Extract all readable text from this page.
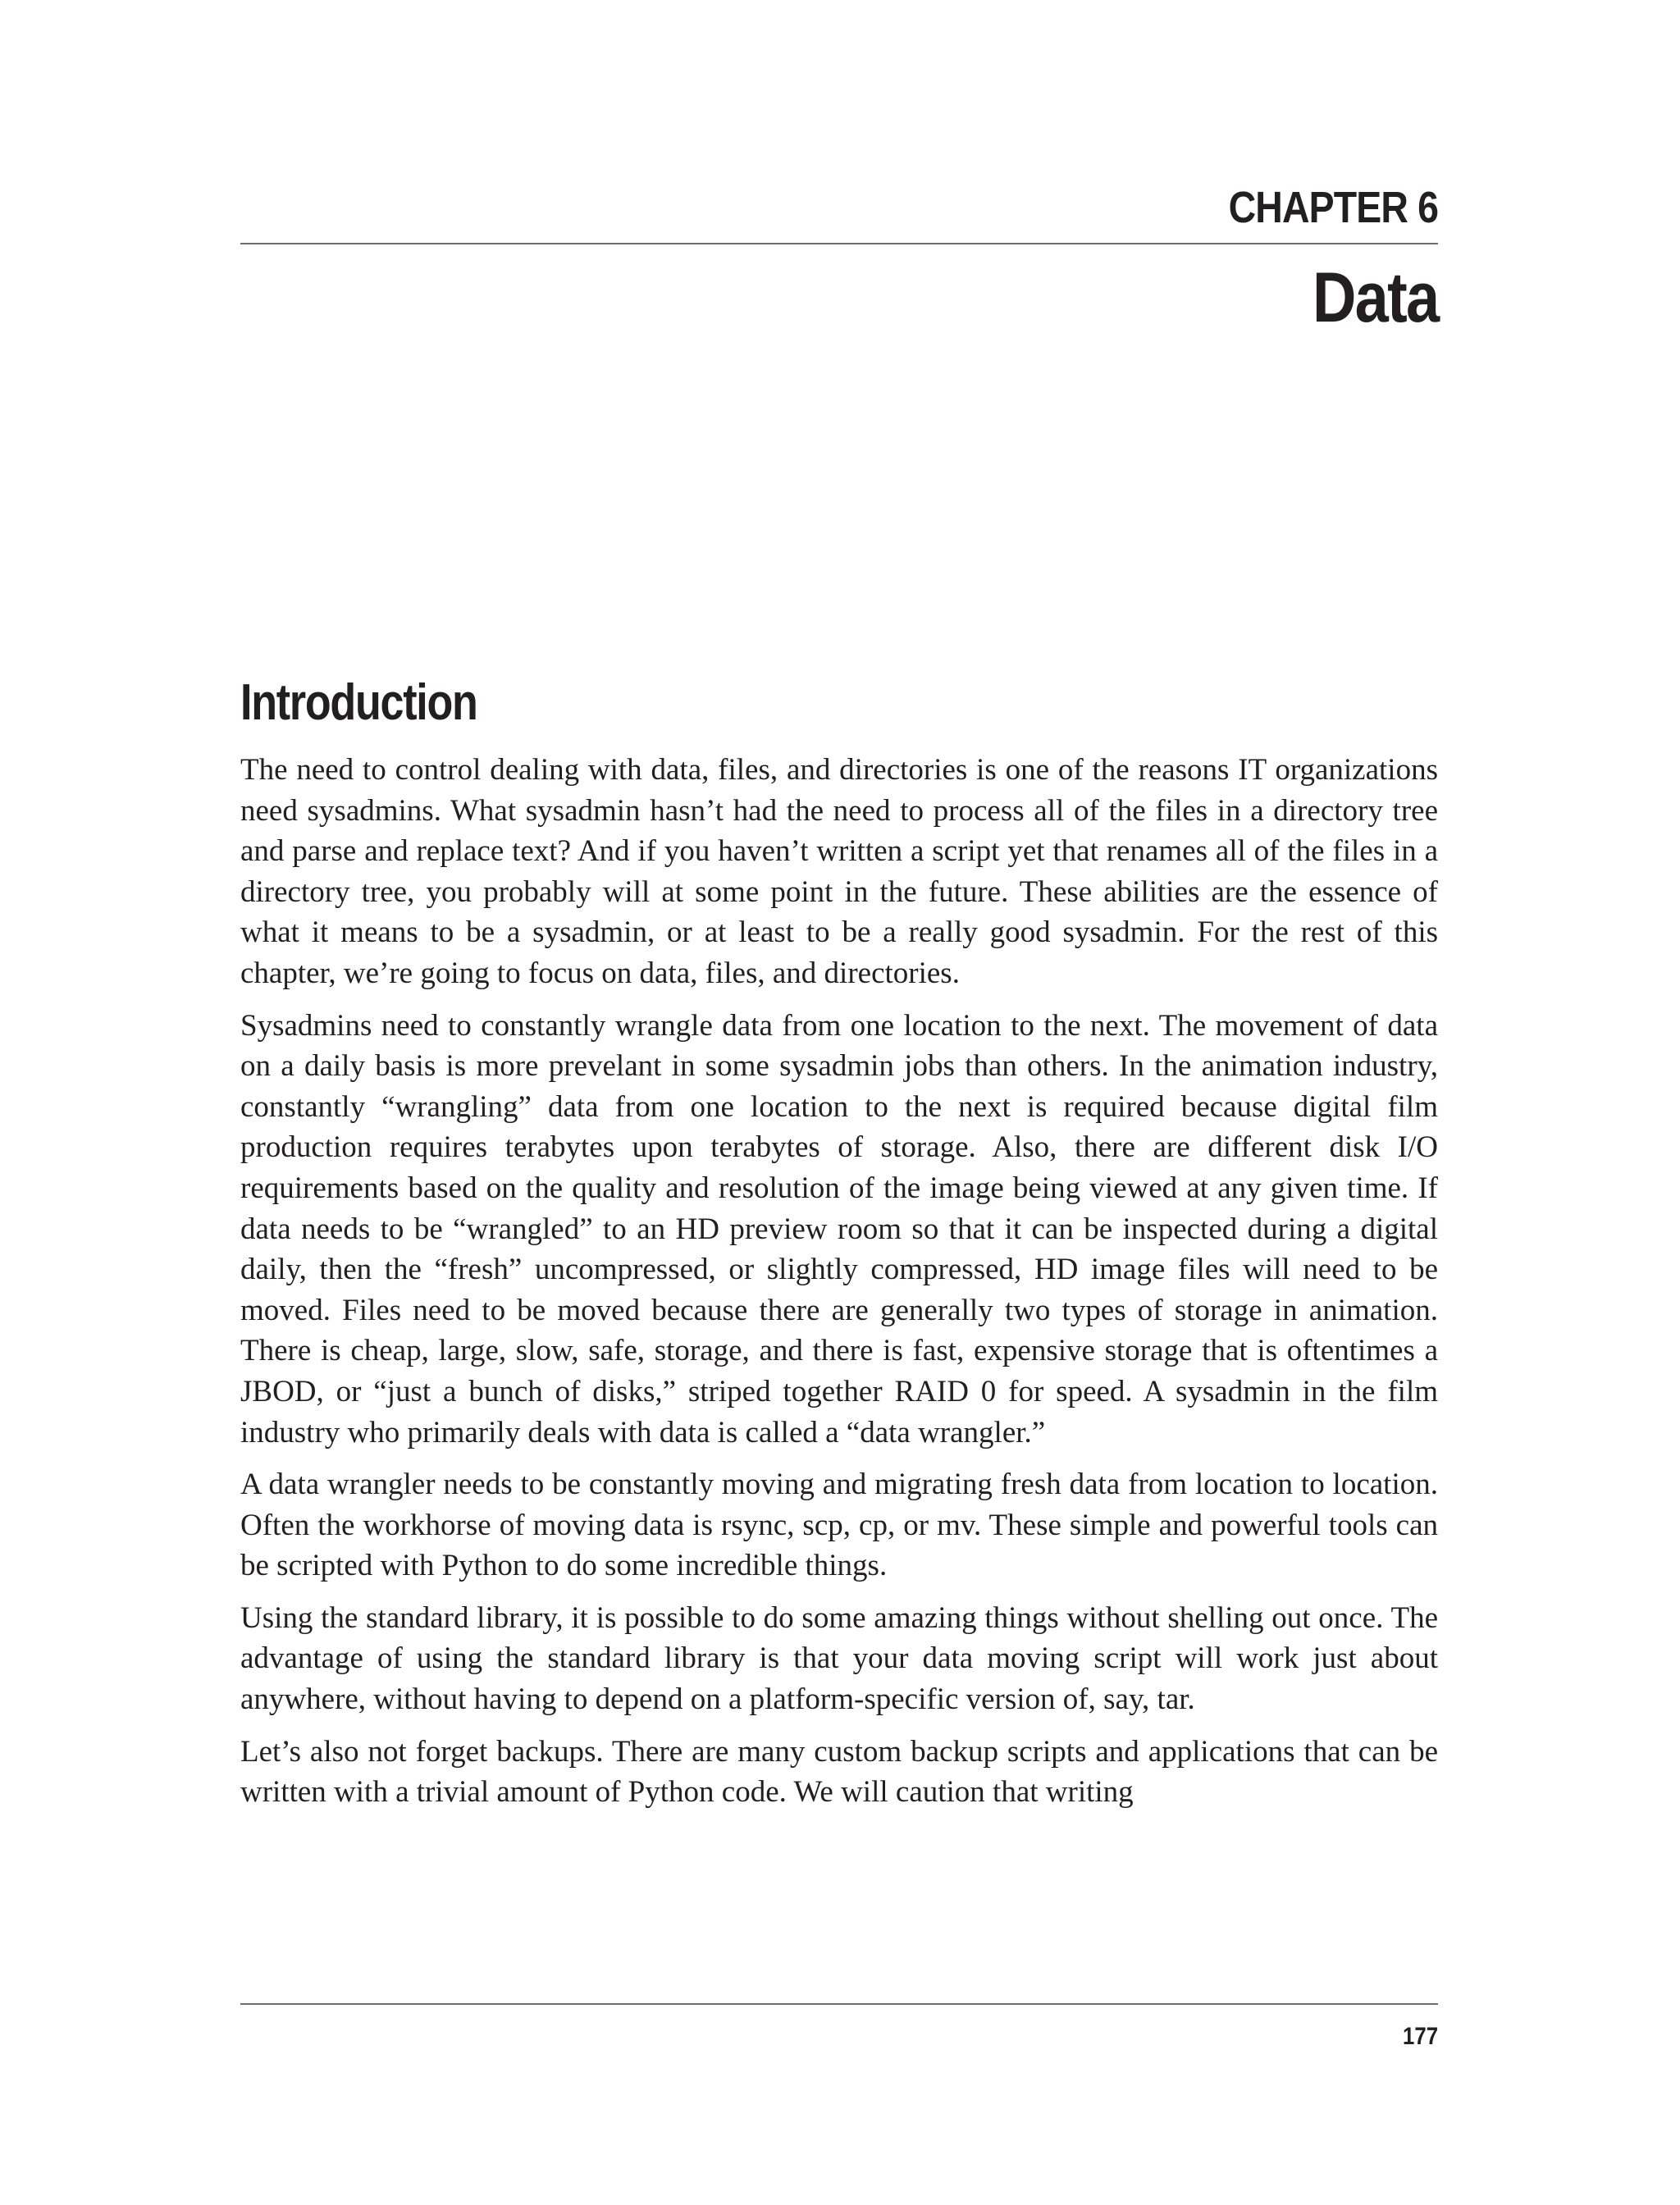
CHAPTER 6
Data
Introduction

The need to control dealing with data, files, and directories is one of the reasons IT organizations need sysadmins. What sysadmin hasn’t had the need to process all of the files in a directory tree and parse and replace text? And if you haven’t written a script yet that renames all of the files in a directory tree, you probably will at some point in the future. These abilities are the essence of what it means to be a sysadmin, or at least to be a really good sysadmin. For the rest of this chapter, we’re going to focus on data, files, and directories.

Sysadmins need to constantly wrangle data from one location to the next. The movement of data on a daily basis is more prevelant in some sysadmin jobs than others. In the animation industry, constantly “wrangling” data from one location to the next is required because digital film production requires terabytes upon terabytes of storage. Also, there are different disk I/O requirements based on the quality and resolution of the image being viewed at any given time. If data needs to be “wrangled” to an HD preview room so that it can be inspected during a digital daily, then the “fresh” uncompressed, or slightly compressed, HD image files will need to be moved. Files need to be moved because there are generally two types of storage in animation. There is cheap, large, slow, safe, storage, and there is fast, expensive storage that is oftentimes a JBOD, or “just a bunch of disks,” striped together RAID 0 for speed. A sysadmin in the film industry who primarily deals with data is called a “data wrangler.”

A data wrangler needs to be constantly moving and migrating fresh data from location to location. Often the workhorse of moving data is rsync, scp, cp, or mv. These simple and powerful tools can be scripted with Python to do some incredible things.

Using the standard library, it is possible to do some amazing things without shelling out once. The advantage of using the standard library is that your data moving script will work just about anywhere, without having to depend on a platform-specific version of, say, tar.

Let’s also not forget backups. There are many custom backup scripts and applications that can be written with a trivial amount of Python code. We will caution that writing

177
